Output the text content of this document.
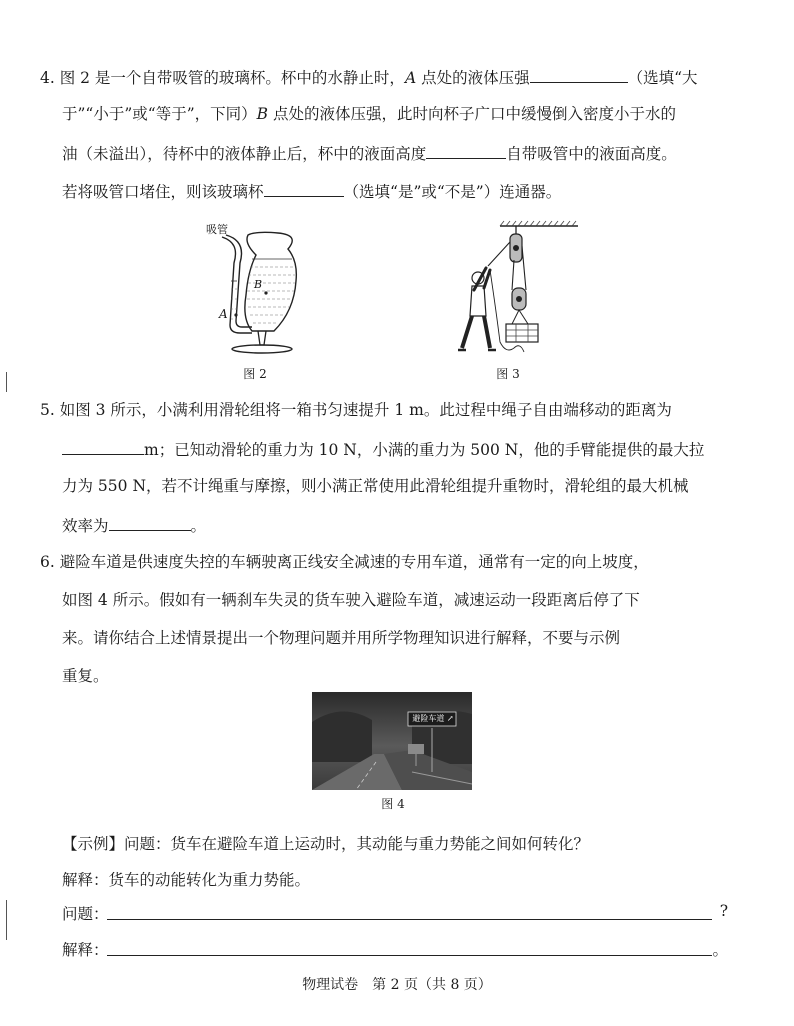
4. 图 2 是一个自带吸管的玻璃杯。杯中的水静止时，A 点处的液体压强	（选填“大
于”“小于”或“等于”，下同）B 点处的液体压强，此时向杯子广口中缓慢倒入密度小于水的
油（未溢出），待杯中的液体静止后，杯中的液面高度	自带吸管中的液面高度。
若将吸管口堵住，则该玻璃杯	（选填“是”或“不是”）连通器。
吸管
A
B
图 2	图 3
5. 如图 3 所示，小满利用滑轮组将一箱书匀速提升 1 m。此过程中绳子自由端移动的距离为
m；已知动滑轮的重力为 10 N，小满的重力为 500 N，他的手臂能提供的最大拉
力为 550 N，若不计绳重与摩擦，则小满正常使用此滑轮组提升重物时，滑轮组的最大机械
效率为	。
6. 避险车道是供速度失控的车辆驶离正线安全减速的专用车道，通常有一定的向上坡度，
如图 4 所示。假如有一辆刹车失灵的货车驶入避险车道，减速运动一段距离后停了下
来。请你结合上述情景提出一个物理问题并用所学物理知识进行解释，不要与示例
重复。
避险车道 ↗
图 4
【示例】问题：货车在避险车道上运动时，其动能与重力势能之间如何转化？
解释：货车的动能转化为重力势能。
问题：	?
解释：	。
物理试卷　第 2 页（共 8 页）
